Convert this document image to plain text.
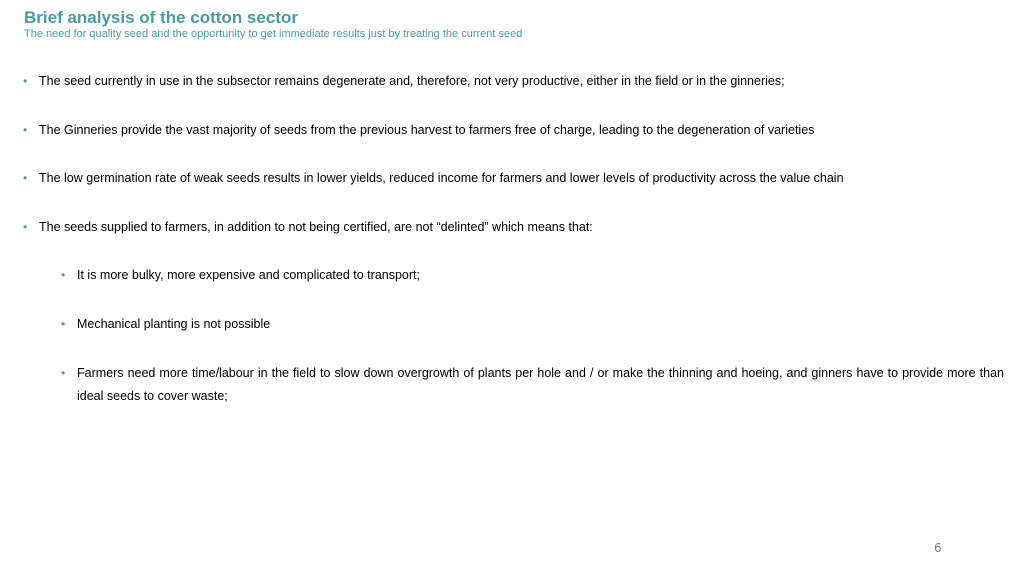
Brief analysis of the cotton sector

The need for quality seed and the opportunity to get immediate results just by treating the current seed

• The seed currently in use in the subsector remains degenerate and, therefore, not very productive, either in the field or in the ginneries;
• The Ginneries provide the vast majority of seeds from the previous harvest to farmers free of charge, leading to the degeneration of varieties
• The low germination rate of weak seeds results in lower yields, reduced income for farmers and lower levels of productivity across the value chain
• The seeds supplied to farmers, in addition to not being certified, are not “delinted” which means that:
• It is more bulky, more expensive and complicated to transport;
• Mechanical planting is not possible
• Farmers need more time/labour in the field to slow down overgrowth of plants per hole and / or make the thinning and hoeing, and ginners have to provide more than ideal seeds to cover waste;
6
